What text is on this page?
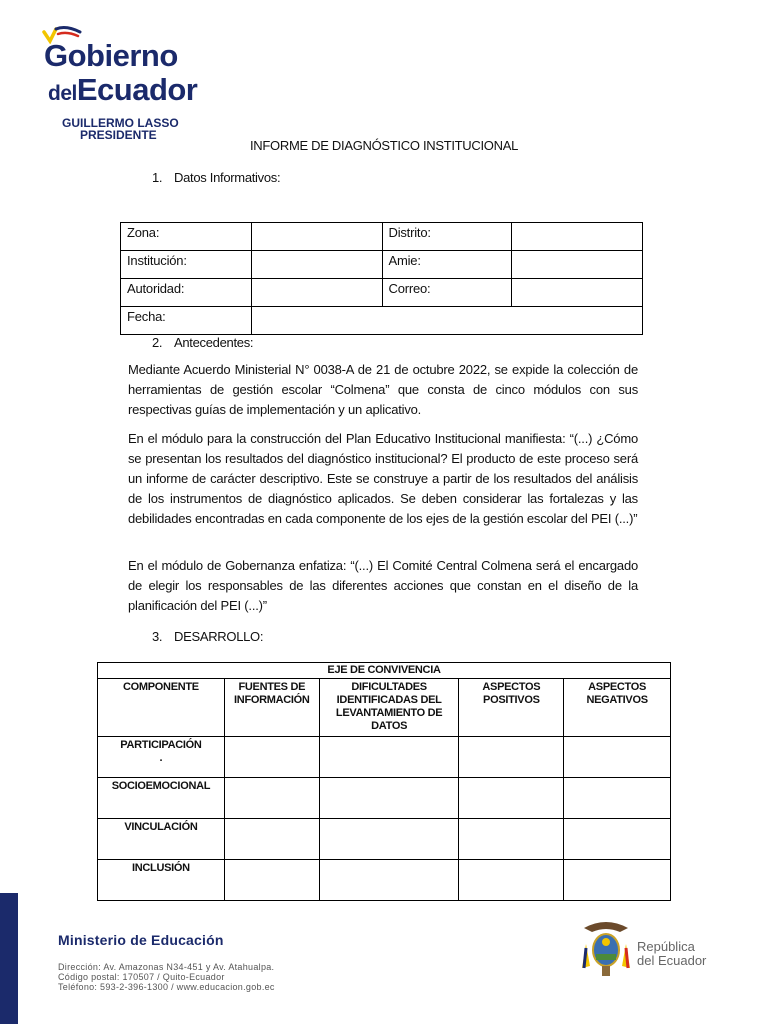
Gobierno
delEcuador
GUILLERMO LASSO
PRESIDENTE
INFORME DE DIAGNÓSTICO INSTITUCIONAL
1. Datos Informativos:
Zona:		Distrito:	
Institución:		Amie:	
Autoridad:		Correo:	
Fecha:			
2. Antecedentes:
Mediante Acuerdo Ministerial N° 0038-A de 21 de octubre 2022, se expide la colección de herramientas de gestión escolar “Colmena” que consta de cinco módulos con sus respectivas guías de implementación y un aplicativo.
En el módulo para la construcción del Plan Educativo Institucional manifiesta: “(...) ¿Cómo se presentan los resultados del diagnóstico institucional? El producto de este proceso será un informe de carácter descriptivo. Este se construye a partir de los resultados del análisis de los instrumentos de diagnóstico aplicados. Se deben considerar las fortalezas y las debilidades encontradas en cada componente de los ejes de la gestión escolar del PEI (...)”
En el módulo de Gobernanza enfatiza: “(...) El Comité Central Colmena será el encargado de elegir los responsables de las diferentes acciones que constan en el diseño de la planificación del PEI (...)”
3. DESARROLLO:
EJE DE CONVIVENCIA				
COMPONENTE	FUENTES DE INFORMACIÓN	DIFICULTADES IDENTIFICADAS DEL LEVANTAMIENTO DE DATOS	ASPECTOS POSITIVOS	ASPECTOS NEGATIVOS
PARTICIPACIÓN
.				
SOCIOEMOCIONAL				
VINCULACIÓN				
INCLUSIÓN				
Ministerio de Educación
Dirección: Av. Amazonas N34-451 y Av. Atahualpa.
Código postal: 170507 / Quito-Ecuador
Teléfono: 593-2-396-1300 / www.educacion.gob.ec
República
del Ecuador
